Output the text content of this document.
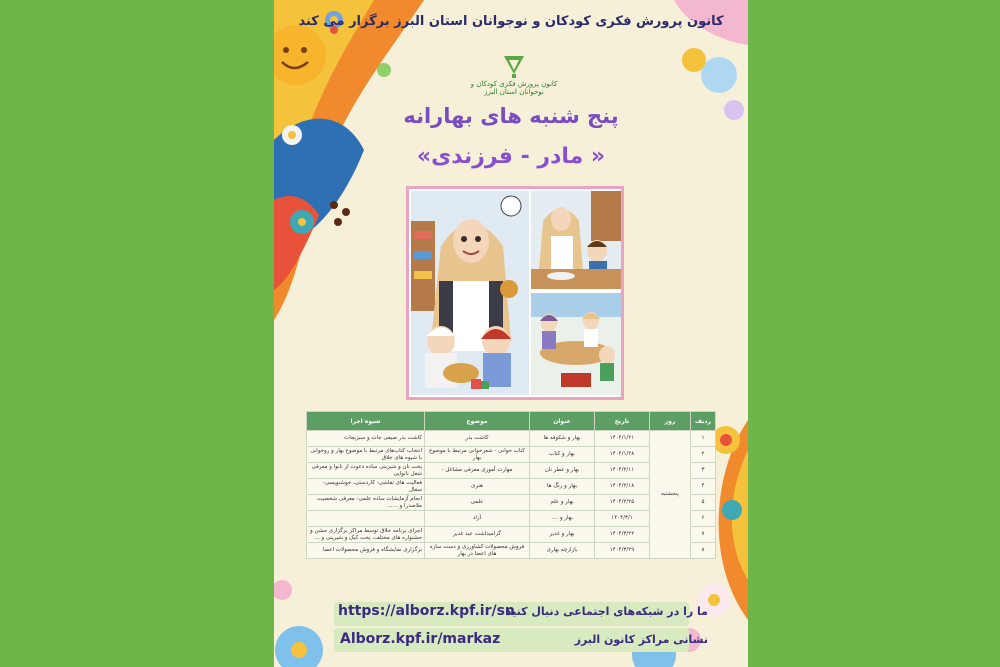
کانون پرورش فکری کودکان و نوجوانان استان البرز برگزار می کند
کانون پرورش فکری کودکان و نوجوانان استان البرز
پنج شنبه های بهارانه
« مادر - فرزندی»
ردیف	روز	تاریخ	عنوان	موضوع	شیوه اجرا
۱	پنجشنبه	۱۴۰۴/۱/۲۱	بهار و شکوفه ها	کاشت بذر	کاشت بذر صیفی جات و سبزیجات
۲		۱۴۰۴/۱/۲۸	بهار و کتاب	کتاب خوانی - شعرخوانی مرتبط با موضوع بهار	انتخاب کتاب‌های مرتبط با موضوع بهار و روخوانی با شیوه های خلاق
۳		۱۴۰۴/۲/۱۱	بهار و عطر نان	مهارت آموزی معرفی مشاغل -	پخت نان و شیرینی ساده دعوت از نانوا و معرفی شغل نانوایی
۴		۱۴۰۴/۲/۱۸	بهار و رنگ ها	هنری	فعالیت های نقاشی- کاردستی، خوشنویسی- سفال
۵		۱۴۰۴/۲/۲۵	بهار و علم	علمی	انجام آزمایشات ساده علمی- معرفی شخصیت ملاصدرا و ......
۶		۱۴۰۴/۳/۱	بهار و ....	آزاد	
۷		۱۴۰۴/۳/۲۲	بهار و غدیر	گرامیداشت عید غدیر	اجرای برنامه خلاق توسط مراکز برگزاری جشن و جشنواره های مختلف، پخت کیک و شیرینی و ...
۸		۱۴۰۴/۳/۲۹	بازارچه بهاری	فروش محصولات کشاورزی و دست سازه های اعضا در بهار	برگزاری نمایشگاه و فروش محصولات اعضا
https://alborz.kpf.ir/sn
ما را در شبکه‌های اجتماعی دنبال کنید
Alborz.kpf.ir/markaz	نشانی مراکز کانون البرز
